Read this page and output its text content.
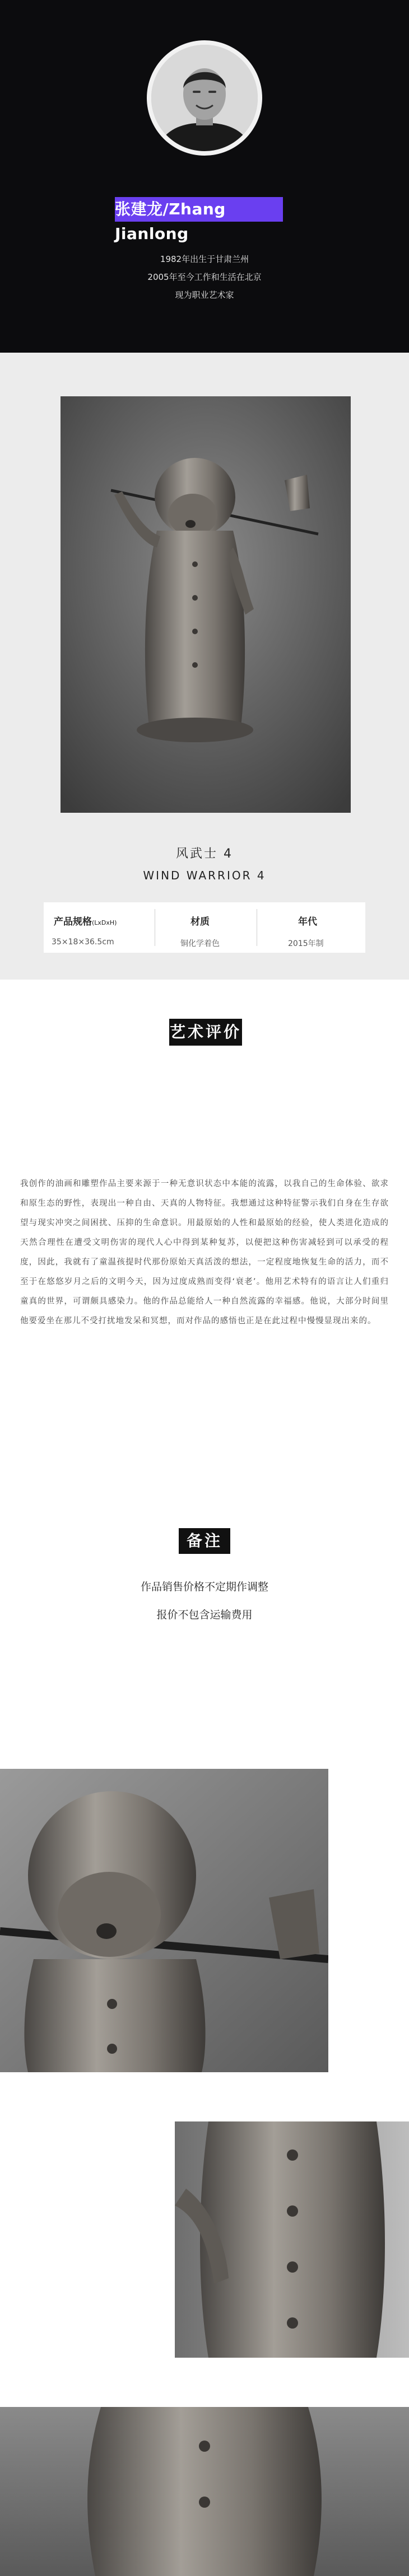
张建龙/Zhang Jianlong
1982年出生于甘肃兰州
2005年至今工作和生活在北京
现为职业艺术家
风武士 4
WIND WARRIOR 4
产品规格(LxDxH)
35×18×36.5cm
材质
铜化学着色
年代
2015年制
艺术评价
我创作的油画和雕塑作品主要来源于一种无意识状态中本能的流露，以我自己的生命体验、欲求和原生态的野性，表现出一种自由、天真的人物特征。我想通过这种特征警示我们自身在生存欲望与现实冲突之间困扰、压抑的生命意识。用最原始的人性和最原始的经验，使人类进化造成的天然合理性在遭受文明伤害的现代人心中得到某种复苏，以便把这种伤害减轻到可以承受的程度，因此，我就有了童温孩提时代那份原始天真活泼的想法，一定程度地恢复生命的活力，而不至于在悠悠岁月之后的文明今天，因为过度成熟而变得‘衰老’。他用艺术特有的语言让人们重归童真的世界，可谓颇具感染力。他的作品总能给人一种自然流露的幸福感。他说，大部分时间里他要爱坐在那儿不受打扰地发呆和冥想，而对作品的感悟也正是在此过程中慢慢显现出来的。
备注
作品销售价格不定期作调整
报价不包含运输费用
